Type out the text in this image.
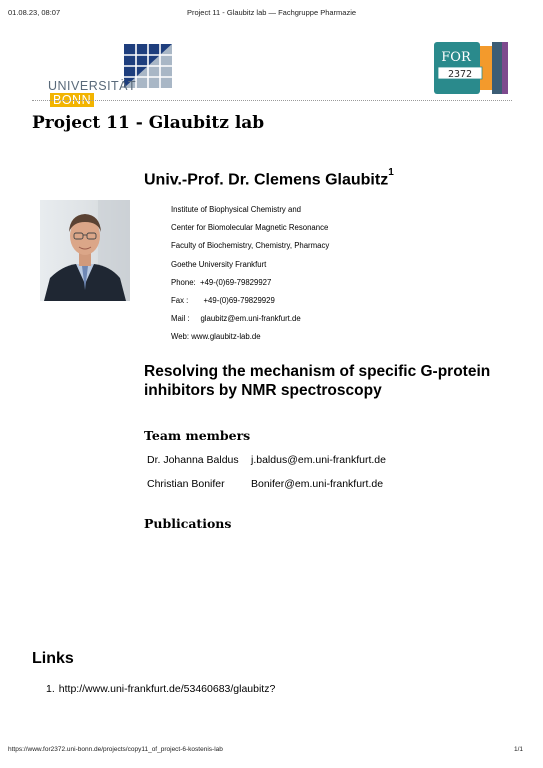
01.08.23, 08:07	Project 11 - Glaubitz lab — Fachgruppe Pharmazie
UNIVERSITÄTBONN
FOR
2372
Project 11 - Glaubitz lab
Univ.-Prof. Dr. Clemens Glaubitz$^1$
Institute of Biophysical Chemistry and
Center for Biomolecular Magnetic Resonance
Faculty of Biochemistry, Chemistry, Pharmacy
Goethe University Frankfurt
Phone:  +49-(0)69-79829927
Fax :       +49-(0)69-79829929
Mail :     glaubitz@em.uni-frankfurt.de
Web: www.glaubitz-lab.de
Resolving the mechanism of specific G-protein inhibitors by NMR spectroscopy
Team members
Dr. Johanna Baldus j.baldus@em.uni-frankfurt.de
Christian Bonifer	Bonifer@em.uni-frankfurt.de
Publications
Links
1. http://www.uni-frankfurt.de/53460683/glaubitz?
https://www.for2372.uni-bonn.de/projects/copy11_of_project-6-kostenis-lab	1/1
